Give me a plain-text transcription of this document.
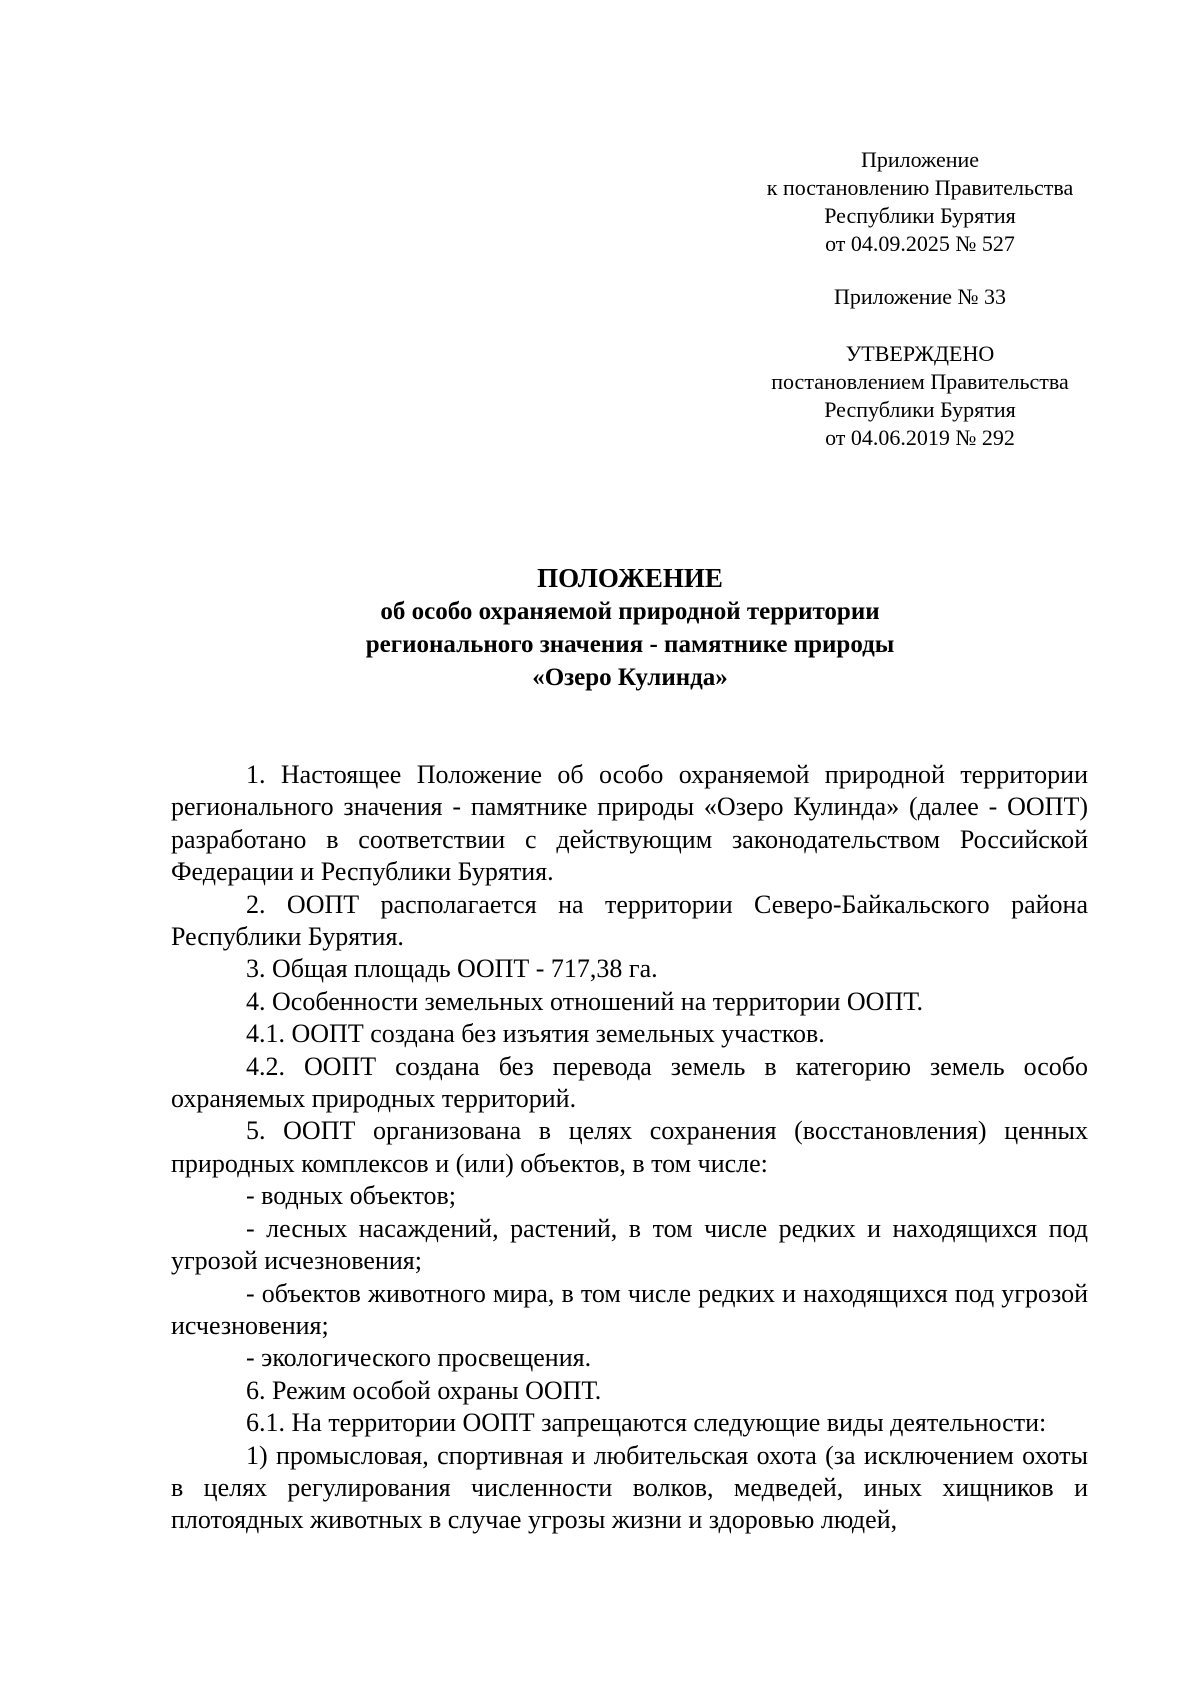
Приложение
к постановлению Правительства
Республики Бурятия
от 04.09.2025 № 527
Приложение № 33
УТВЕРЖДЕНО
постановлением Правительства
Республики Бурятия
от 04.06.2019 № 292
ПОЛОЖЕНИЕ
об особо охраняемой природной территории
регионального значения - памятнике природы
«Озеро Кулинда»

1. Настоящее Положение об особо охраняемой природной территории регионального значения - памятнике природы «Озеро Кулинда» (далее - ООПТ) разработано в соответствии с действующим законодательством Российской Федерации и Республики Бурятия.

2. ООПТ располагается на территории Северо-Байкальского района Республики Бурятия.

3. Общая площадь ООПТ - 717,38 га.

4. Особенности земельных отношений на территории ООПТ.

4.1. ООПТ создана без изъятия земельных участков.

4.2. ООПТ создана без перевода земель в категорию земель особо охраняемых природных территорий.

5. ООПТ организована в целях сохранения (восстановления) ценных природных комплексов и (или) объектов, в том числе:

- водных объектов;

- лесных насаждений, растений, в том числе редких и находящихся под угрозой исчезновения;

- объектов животного мира, в том числе редких и находящихся под угрозой исчезновения;

- экологического просвещения.

6. Режим особой охраны ООПТ.

6.1. На территории ООПТ запрещаются следующие виды деятельности:

1) промысловая, спортивная и любительская охота (за исключением охоты в целях регулирования численности волков, медведей, иных хищников и плотоядных животных в случае угрозы жизни и здоровью людей,
